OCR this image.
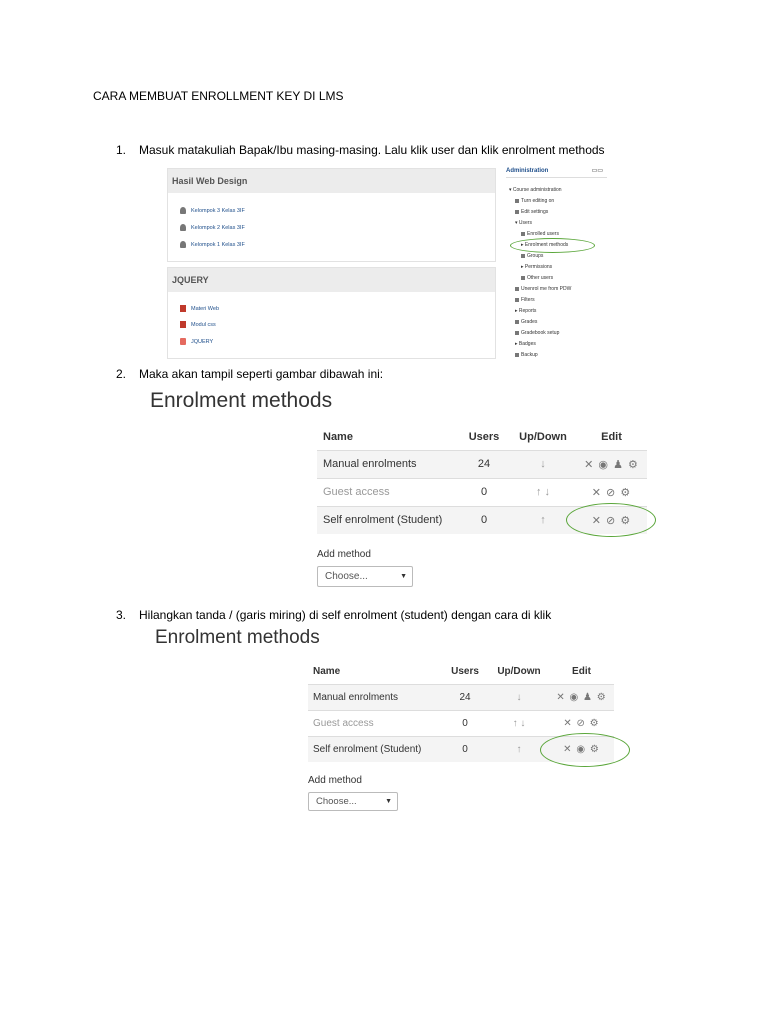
CARA MEMBUAT ENROLLMENT KEY DI LMS
1. Masuk matakuliah Bapak/Ibu masing-masing. Lalu klik user dan klik enrolment methods
Hasil Web Design
Kelompok 3 Kelas 3IF
Kelompok 2 Kelas 3IF
Kelompok 1 Kelas 3IF
JQUERY
Materi Web
Modul css
JQUERY
Administration	▭▭
▾ Course administration
Turn editing on
Edit settings
▾ Users
Enrolled users
▸ Enrolment methods
Groups
▸ Permissions
Other users
Unenrol me from PDW
Filters
▸ Reports
Grades
Gradebook setup
▸ Badges
Backup
2. Maka akan tampil seperti gambar dibawah ini:
Enrolment methods
Name	Users	Up/Down	Edit
Manual enrolments	24	↓	✕ ◉ ♟ ⚙
Guest access	0	↑ ↓	✕ ⊘ ⚙
Self enrolment (Student)	0	↑	✕ ⊘ ⚙
Add method
Choose...	▼
3. Hilangkan tanda / (garis miring) di self enrolment (student) dengan cara di klik
Enrolment methods
Name	Users	Up/Down	Edit
Manual enrolments	24	↓	✕ ◉ ♟ ⚙
Guest access	0	↑ ↓	✕ ⊘ ⚙
Self enrolment (Student)	0	↑	✕ ◉ ⚙
Add method
Choose...	▼
